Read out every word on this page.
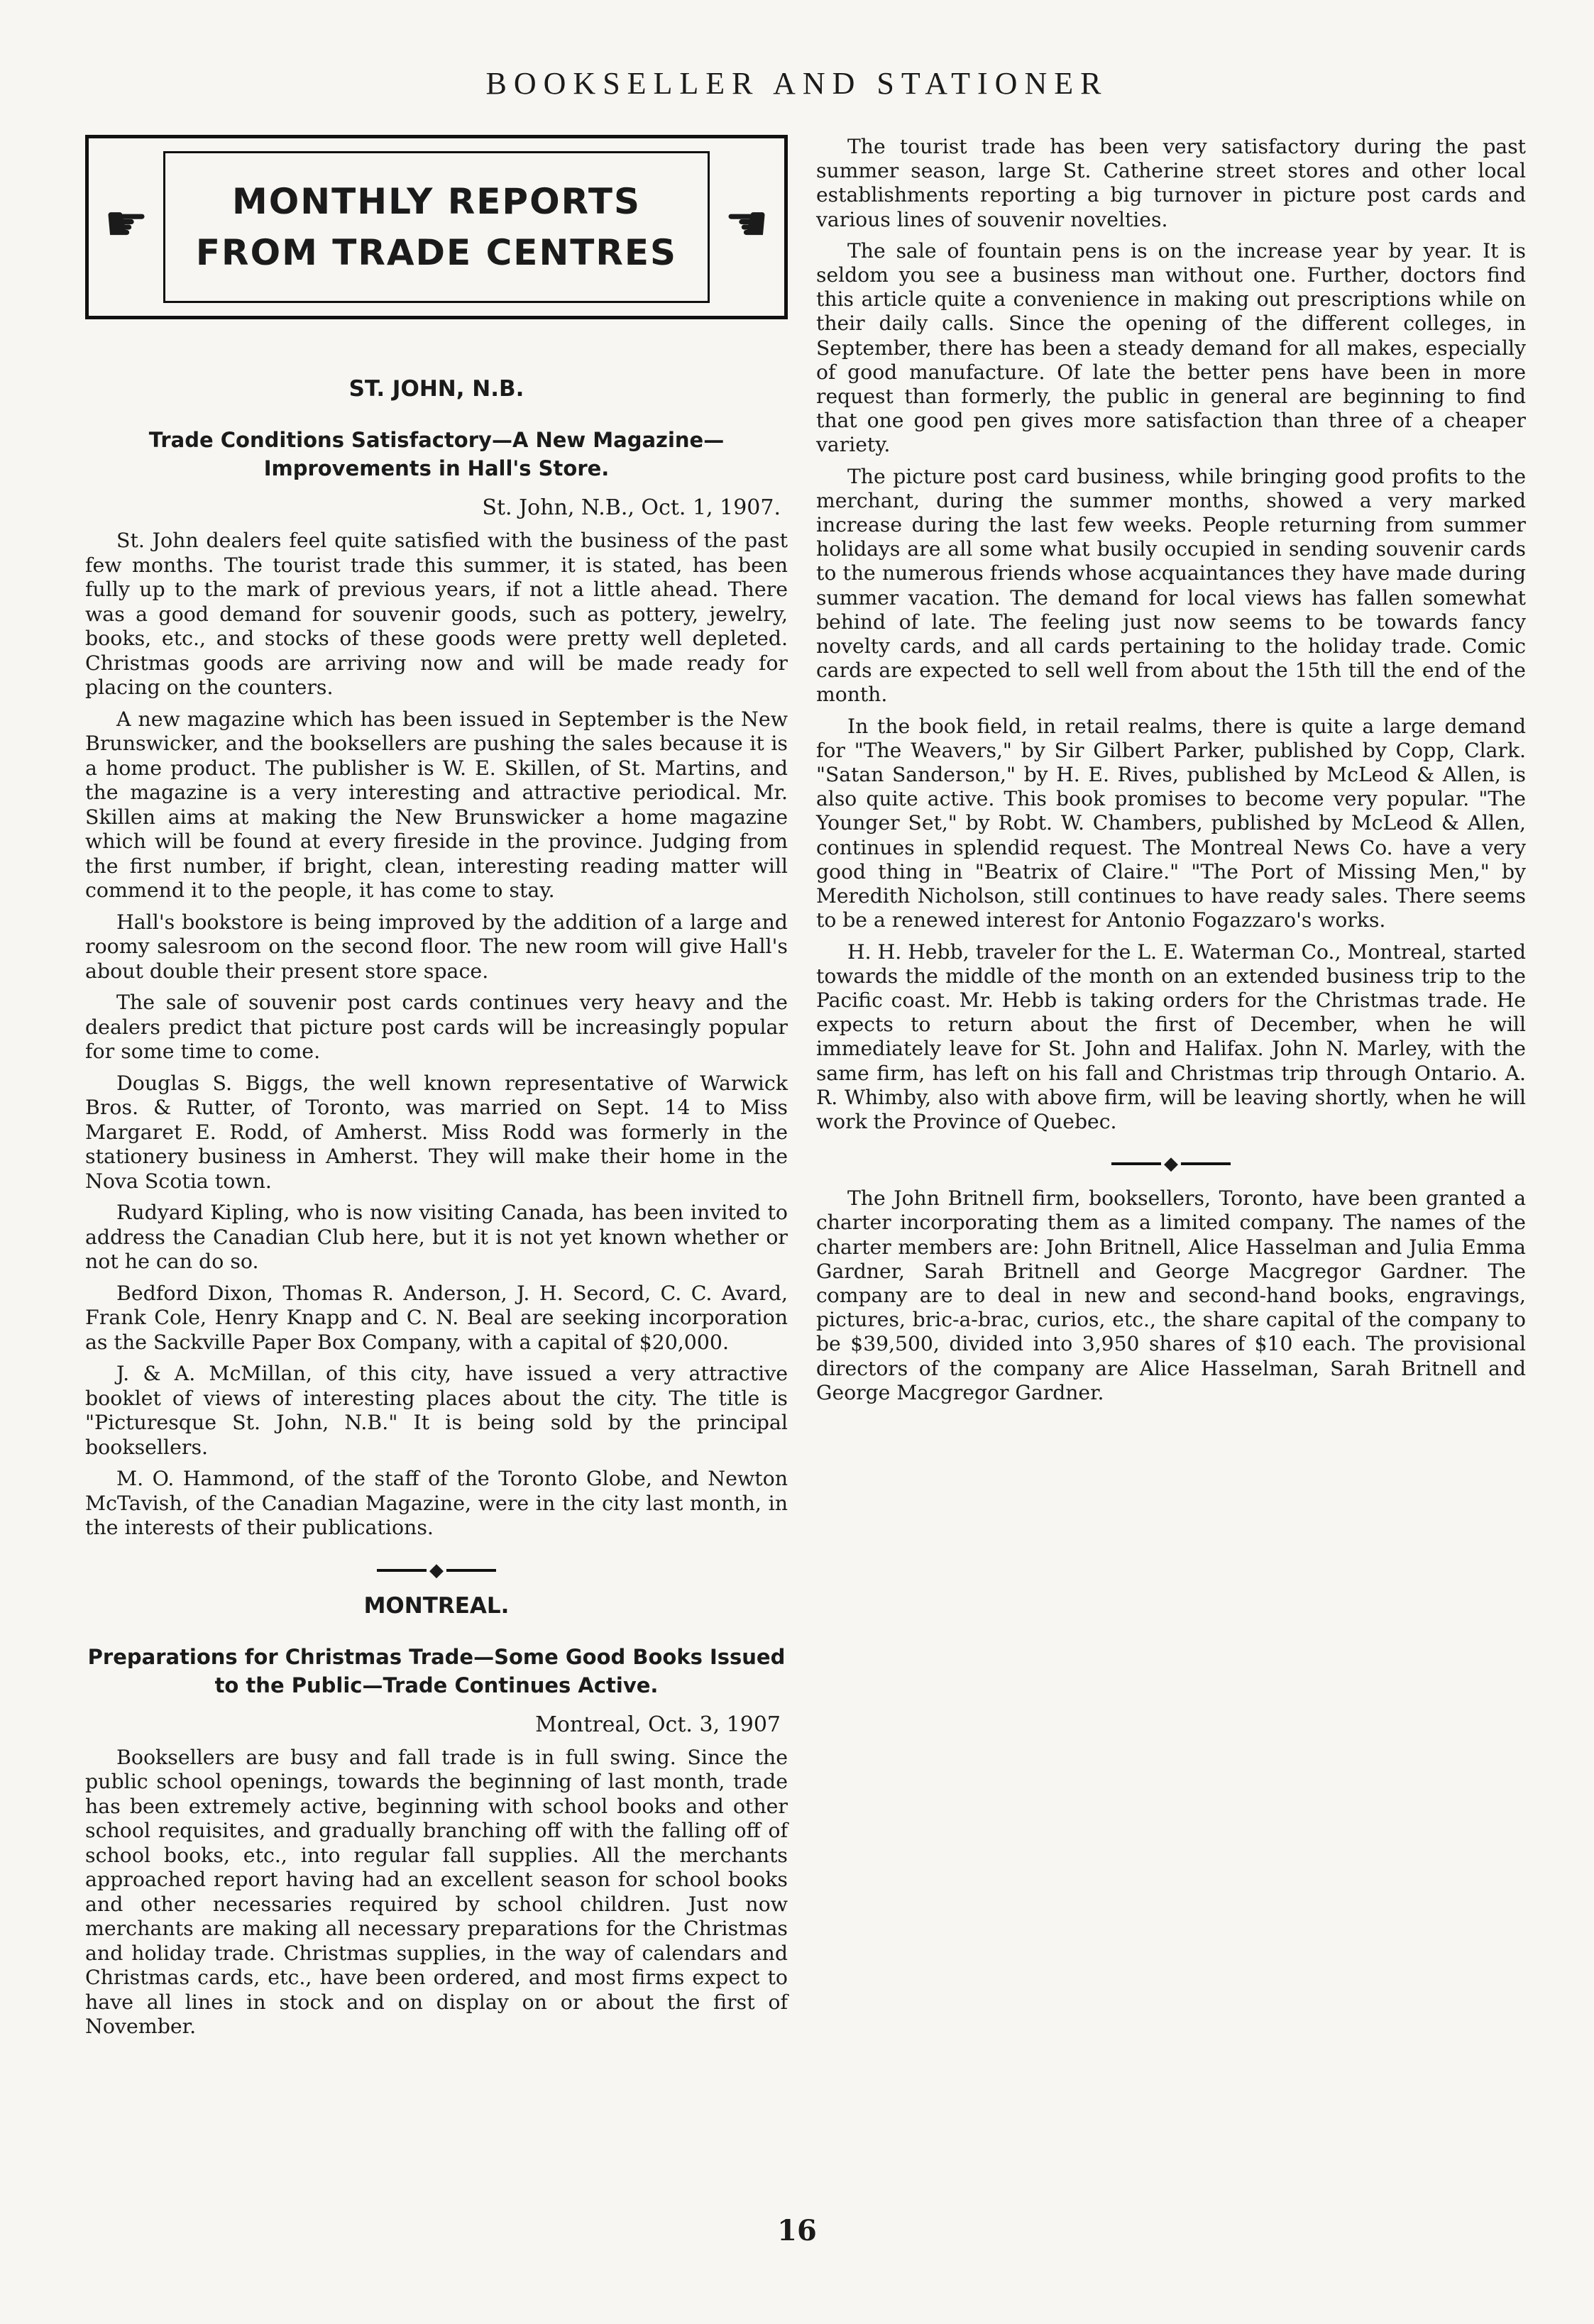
BOOKSELLER AND STATIONER
☛ MONTHLY REPORTS
FROM TRADE CENTRES ☚
ST. JOHN, N.B.
Trade Conditions Satisfactory—A New Magazine—Improvements in Hall's Store.
St. John, N.B., Oct. 1, 1907.

St. John dealers feel quite satisfied with the business of the past few months. The tourist trade this summer, it is stated, has been fully up to the mark of previous years, if not a little ahead. There was a good demand for souvenir goods, such as pottery, jewelry, books, etc., and stocks of these goods were pretty well depleted. Christmas goods are arriving now and will be made ready for placing on the counters.

A new magazine which has been issued in September is the New Brunswicker, and the booksellers are pushing the sales because it is a home product. The publisher is W. E. Skillen, of St. Martins, and the magazine is a very interesting and attractive periodical. Mr. Skillen aims at making the New Brunswicker a home magazine which will be found at every fireside in the province. Judging from the first number, if bright, clean, interesting reading matter will commend it to the people, it has come to stay.

Hall's bookstore is being improved by the addition of a large and roomy salesroom on the second floor. The new room will give Hall's about double their present store space.

The sale of souvenir post cards continues very heavy and the dealers predict that picture post cards will be increasingly popular for some time to come.

Douglas S. Biggs, the well known representative of Warwick Bros. & Rutter, of Toronto, was married on Sept. 14 to Miss Margaret E. Rodd, of Amherst. Miss Rodd was formerly in the stationery business in Amherst. They will make their home in the Nova Scotia town.

Rudyard Kipling, who is now visiting Canada, has been invited to address the Canadian Club here, but it is not yet known whether or not he can do so.

Bedford Dixon, Thomas R. Anderson, J. H. Secord, C. C. Avard, Frank Cole, Henry Knapp and C. N. Beal are seeking incorporation as the Sackville Paper Box Company, with a capital of $20,000.

J. & A. McMillan, of this city, have issued a very attractive booklet of views of interesting places about the city. The title is "Picturesque St. John, N.B." It is being sold by the principal booksellers.

M. O. Hammond, of the staff of the Toronto Globe, and Newton McTavish, of the Canadian Magazine, were in the city last month, in the interests of their publications.

◆
MONTREAL.
Preparations for Christmas Trade—Some Good Books Issued to the Public—Trade Continues Active.
Montreal, Oct. 3, 1907

Booksellers are busy and fall trade is in full swing. Since the public school openings, towards the beginning of last month, trade has been extremely active, beginning with school books and other school requisites, and gradually branching off with the falling off of school books, etc., into regular fall supplies. All the merchants approached report having had an excellent season for school books and other necessaries required by school children. Just now merchants are making all necessary preparations for the Christmas and holiday trade. Christmas supplies, in the way of calendars and Christmas cards, etc., have been ordered, and most firms expect to have all lines in stock and on display on or about the first of November.

The tourist trade has been very satisfactory during the past summer season, large St. Catherine street stores and other local establishments reporting a big turnover in picture post cards and various lines of souvenir novelties.

The sale of fountain pens is on the increase year by year. It is seldom you see a business man without one. Further, doctors find this article quite a convenience in making out prescriptions while on their daily calls. Since the opening of the different colleges, in September, there has been a steady demand for all makes, especially of good manufacture. Of late the better pens have been in more request than formerly, the public in general are beginning to find that one good pen gives more satisfaction than three of a cheaper variety.

The picture post card business, while bringing good profits to the merchant, during the summer months, showed a very marked increase during the last few weeks. People returning from summer holidays are all some what busily occupied in sending souvenir cards to the numerous friends whose acquaintances they have made during summer vacation. The demand for local views has fallen somewhat behind of late. The feeling just now seems to be towards fancy novelty cards, and all cards pertaining to the holiday trade. Comic cards are expected to sell well from about the 15th till the end of the month.

In the book field, in retail realms, there is quite a large demand for "The Weavers," by Sir Gilbert Parker, published by Copp, Clark. "Satan Sanderson," by H. E. Rives, published by McLeod & Allen, is also quite active. This book promises to become very popular. "The Younger Set," by Robt. W. Chambers, published by McLeod & Allen, continues in splendid request. The Montreal News Co. have a very good thing in "Beatrix of Claire." "The Port of Missing Men," by Meredith Nicholson, still continues to have ready sales. There seems to be a renewed interest for Antonio Fogazzaro's works.

H. H. Hebb, traveler for the L. E. Waterman Co., Montreal, started towards the middle of the month on an extended business trip to the Pacific coast. Mr. Hebb is taking orders for the Christmas trade. He expects to return about the first of December, when he will immediately leave for St. John and Halifax. John N. Marley, with the same firm, has left on his fall and Christmas trip through Ontario. A. R. Whimby, also with above firm, will be leaving shortly, when he will work the Province of Quebec.

◆

The John Britnell firm, booksellers, Toronto, have been granted a charter incorporating them as a limited company. The names of the charter members are: John Britnell, Alice Hasselman and Julia Emma Gardner, Sarah Britnell and George Macgregor Gardner. The company are to deal in new and second-hand books, engravings, pictures, bric-a-brac, curios, etc., the share capital of the company to be $39,500, divided into 3,950 shares of $10 each. The provisional directors of the company are Alice Hasselman, Sarah Britnell and George Macgregor Gardner.

16
